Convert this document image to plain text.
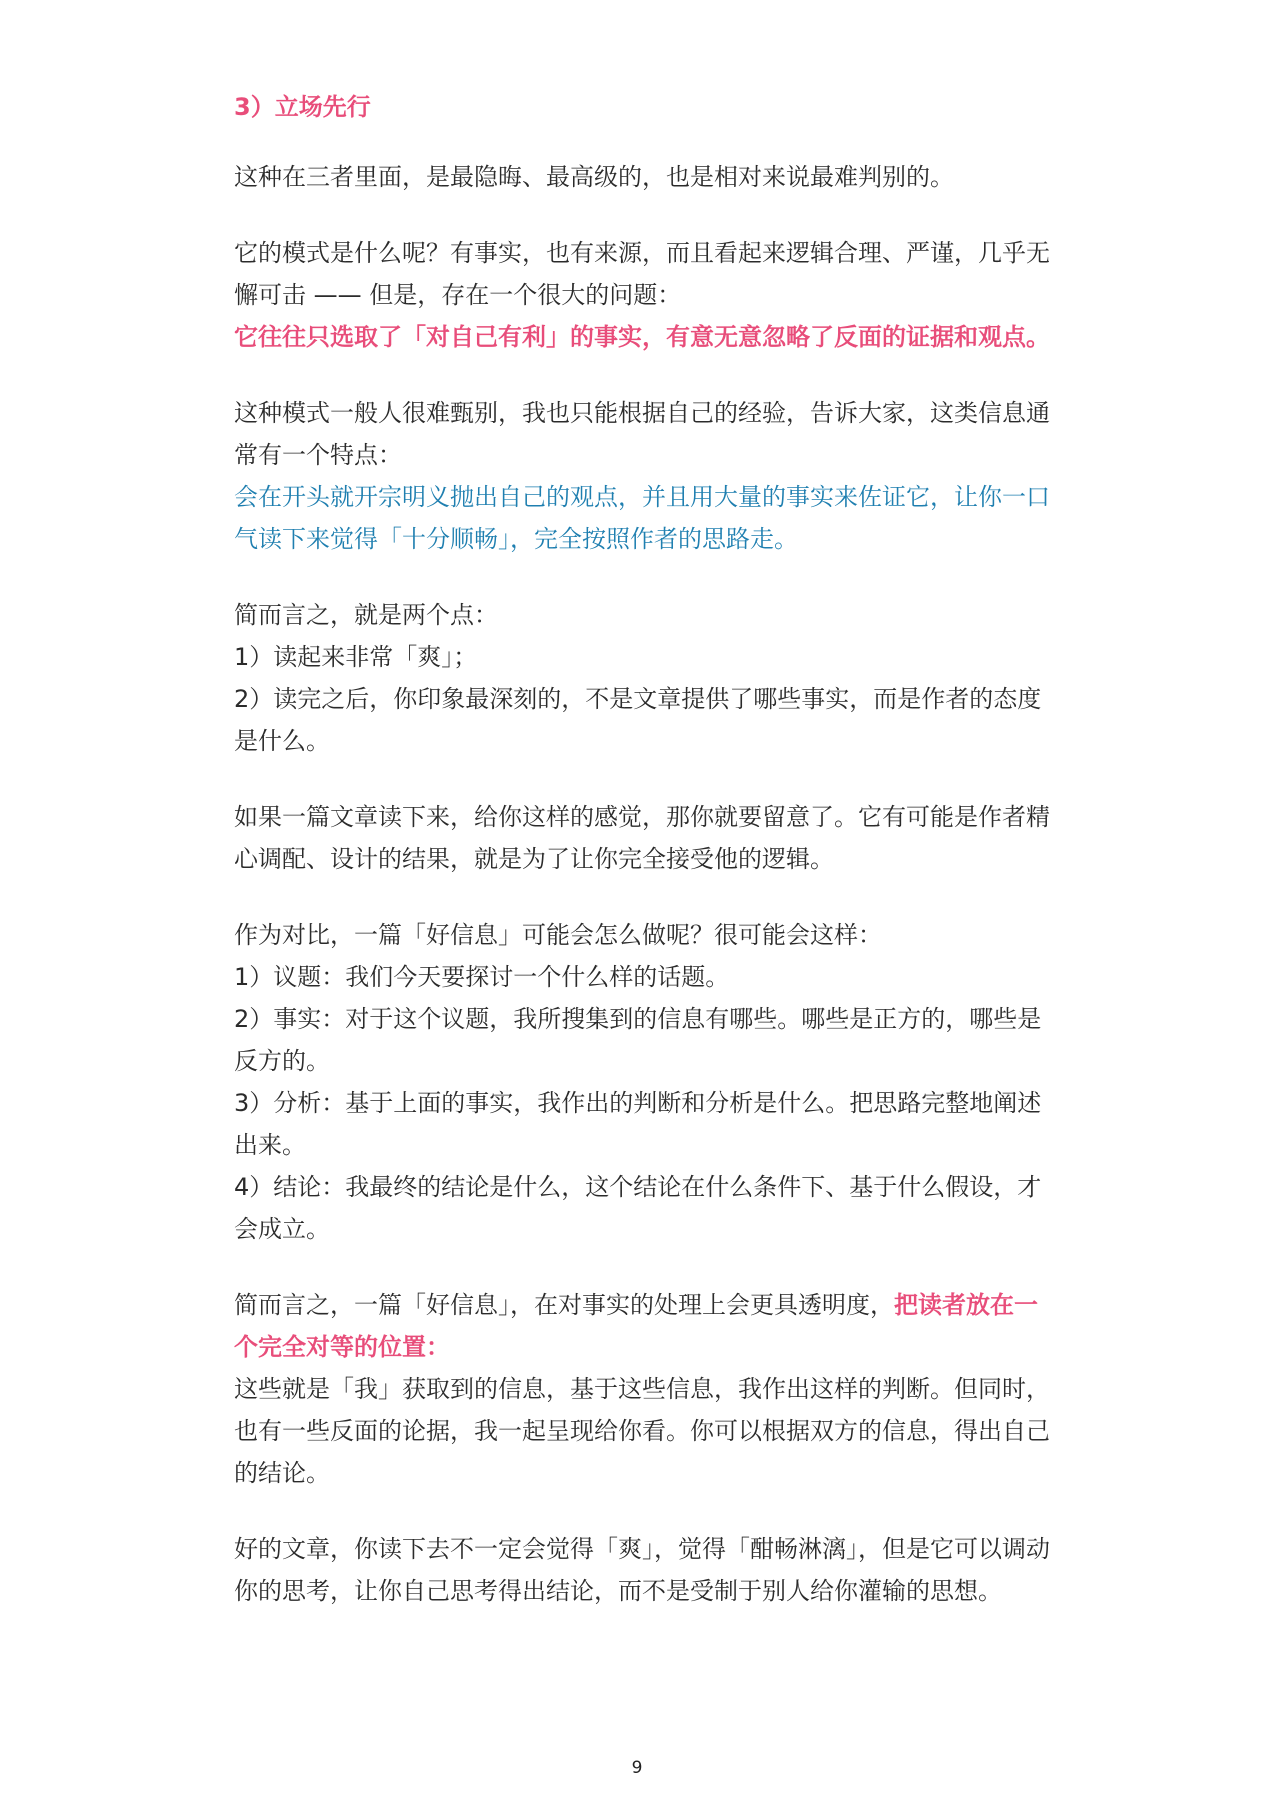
3）立场先行
这种在三者里面，是最隐晦、最高级的，也是相对来说最难判别的。
它的模式是什么呢？有事实，也有来源，而且看起来逻辑合理、严谨，几乎无懈可击 —— 但是，存在一个很大的问题：
它往往只选取了「对自己有利」的事实，有意无意忽略了反面的证据和观点。
这种模式一般人很难甄别，我也只能根据自己的经验，告诉大家，这类信息通常有一个特点：
会在开头就开宗明义抛出自己的观点，并且用大量的事实来佐证它，让你一口气读下来觉得「十分顺畅」，完全按照作者的思路走。
简而言之，就是两个点：
1）读起来非常「爽」；
2）读完之后，你印象最深刻的，不是文章提供了哪些事实，而是作者的态度是什么。
如果一篇文章读下来，给你这样的感觉，那你就要留意了。它有可能是作者精心调配、设计的结果，就是为了让你完全接受他的逻辑。
作为对比，一篇「好信息」可能会怎么做呢？很可能会这样：
1）议题：我们今天要探讨一个什么样的话题。
2）事实：对于这个议题，我所搜集到的信息有哪些。哪些是正方的，哪些是反方的。
3）分析：基于上面的事实，我作出的判断和分析是什么。把思路完整地阐述出来。
4）结论：我最终的结论是什么，这个结论在什么条件下、基于什么假设，才会成立。
简而言之，一篇「好信息」，在对事实的处理上会更具透明度，把读者放在一个完全对等的位置：
这些就是「我」获取到的信息，基于这些信息，我作出这样的判断。但同时，也有一些反面的论据，我一起呈现给你看。你可以根据双方的信息，得出自己的结论。
好的文章，你读下去不一定会觉得「爽」，觉得「酣畅淋漓」，但是它可以调动你的思考，让你自己思考得出结论，而不是受制于别人给你灌输的思想。
9
